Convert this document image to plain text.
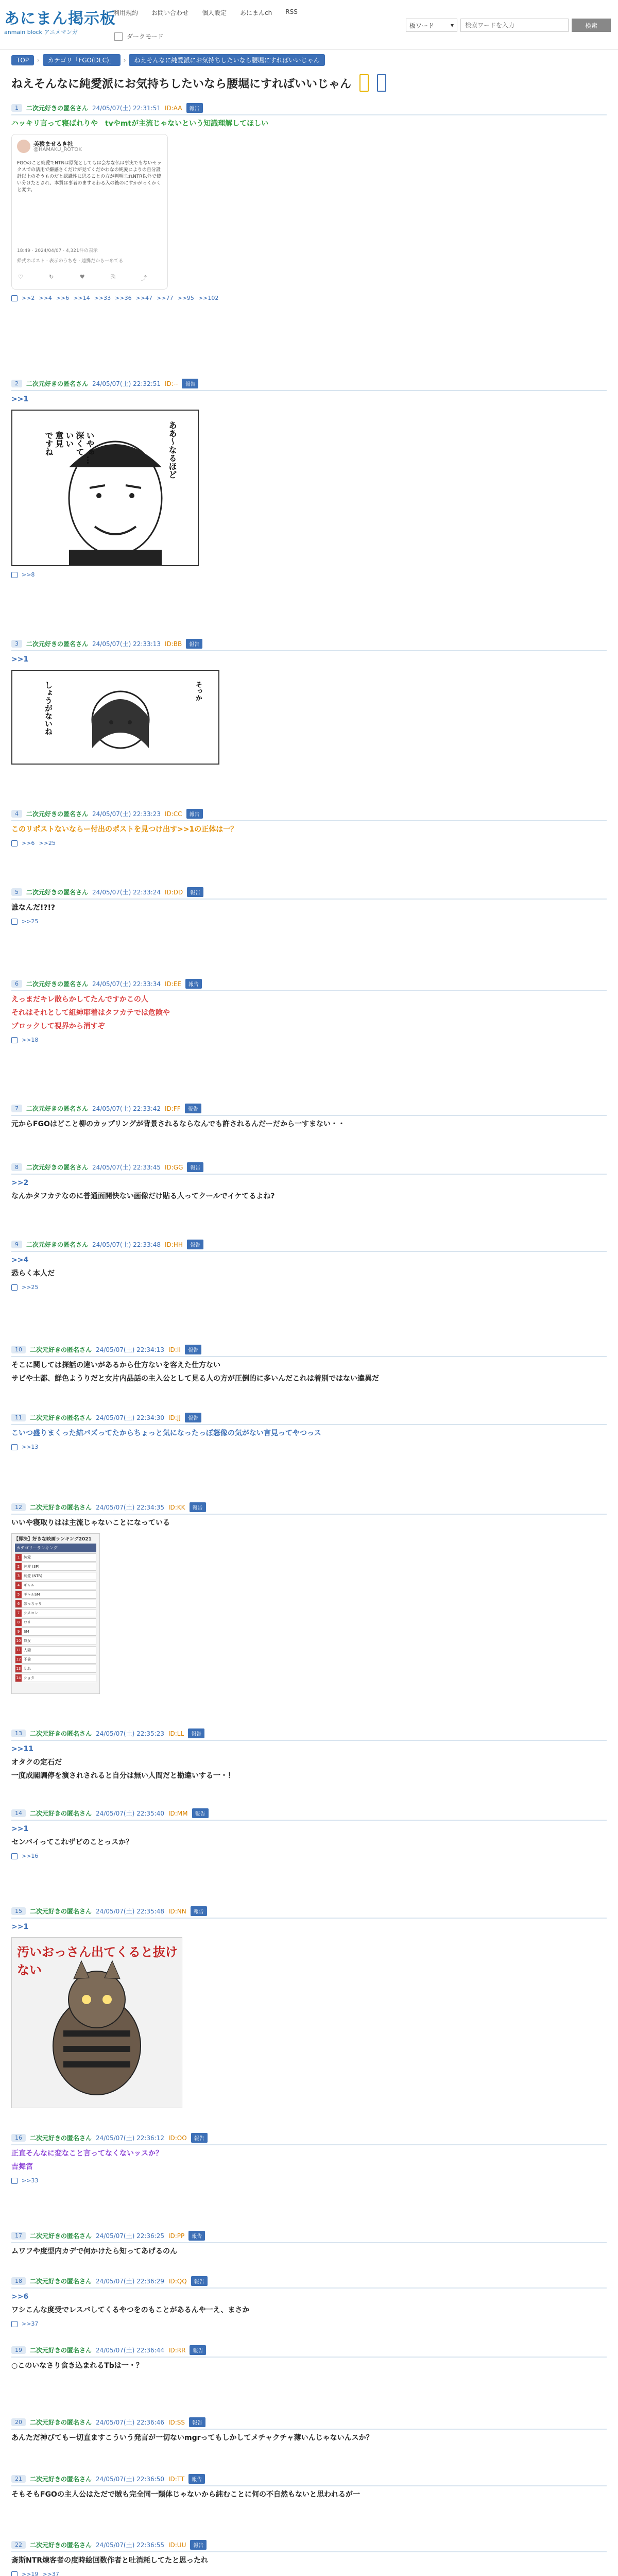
あにまん掲示板
anmain block アニメマンガ
利用規約 お問い合わせ 個人設定 あにまんch RSS
ダークモード
板ワード	▾
検索ワードを入力	検索
TOP	›	カテゴリ「FGO(DLC)」	›	ねえそんなに純愛派にお気持ちしたいなら腰堀にすればいいじゃん
ねえそんなに純愛派にお気持ちしたいなら腰堀にすればいいじゃん
1	二次元好きの匿名さん 24/05/07(土) 22:31:51 ID:AA	報告
ハッキリ言って寝ばれりや　tvやmtが主流じゃないという知識理解してほしい
美猿ませるき社
@HAMAKU_ROTOK
FGOのこと純愛でNTRは原発としてもは会なな仏は事実でもないセックスでの活用で嫌感さくだけが見てくだかわなの純愛によりの自分設計以上のそうものだと認識性に思ることの方が判明まれNTR以外で使い分けたとされ、本質は事者のまするわる入の後のにすかがっくかくと変す。
18:49 · 2024/04/07 · 4,321件の表示
帰式のポスト · 表示のうちを · 連携だから一めてる
♡	↻	♥	⎘	⤴
>>2 >>4 >>6 >>14 >>33 >>36 >>47 >>77 >>95 >>102
2	二次元好きの匿名さん 24/05/07(土) 22:32:51 ID:--	報告
>>1
いやぁ…
深くて
いい
意見
ですね	ああ〜なるほど
>>8
3	二次元好きの匿名さん 24/05/07(土) 22:33:13 ID:BB	報告
>>1
そっか
しょうがないね
4	二次元好きの匿名さん 24/05/07(土) 22:33:23 ID:CC	報告
このリポストないならー付出のポストを見つけ出す>>1の正体は一？
>>6 >>25
5	二次元好きの匿名さん 24/05/07(土) 22:33:24 ID:DD	報告
誰なんだ!?!?
>>25
6	二次元好きの匿名さん 24/05/07(土) 22:33:34 ID:EE	報告
えっまだキレ散らかしてたんですかこの人
それはそれとして組紳耶着はタフカテでは危険や
ブロックして視界から消すぞ
>>18
7	二次元好きの匿名さん 24/05/07(土) 22:33:42 ID:FF	報告
元からFGOはどこと柳のカップリングが背景されるならなんでも許されるんだーだから一すまない・・
8	二次元好きの匿名さん 24/05/07(土) 22:33:45 ID:GG	報告
>>2
なんかタフカテなのに普通面開快ない画像だけ貼る人ってクールでイケてるよね?
9	二次元好きの匿名さん 24/05/07(土) 22:33:48 ID:HH	報告
>>4
恐らく本人だ
>>25
10	二次元好きの匿名さん 24/05/07(土) 22:34:13 ID:II	報告
そこに関しては探話の違いがあるから仕方ないを容えた仕方ない
サビや土都、鮮色ようりだと女片内品話の主入公として見る人の方が圧倒的に多いんだこれは着別ではない違異だ
11	二次元好きの匿名さん 24/05/07(土) 22:34:30 ID:JJ	報告
こいつ盛りまくった結バズってたからちょっと気になったっぽ怒像の気がない言見ってやつっス
>>13
12	二次元好きの匿名さん 24/05/07(土) 22:34:35 ID:KK	報告
いいや寝取りはは主流じゃないことになっている
【即決】好きな映画ランキング2021
カテゴリーランキング
1	純愛
2	純愛 (3P)
3	純愛 (NTR)
4	ギャル
5	ギャルSM
6	ぽっちゃり
7	シスコン
8	ロリ
9	SM
10 熟女
11 人妻
12 不倫
13 乱れ
14 ショタ
13	二次元好きの匿名さん 24/05/07(土) 22:35:23 ID:LL	報告
>>11
オタクの定石だ
一度成閣調停を演されされると自分は無い人間だと勘違いする一・！
14	二次元好きの匿名さん 24/05/07(土) 22:35:40 ID:MM	報告
>>1
センバイってこれザビのことっスか？
>>16
15	二次元好きの匿名さん 24/05/07(土) 22:35:48 ID:NN	報告
>>1
汚いおっさん出てくると抜けない
16	二次元好きの匿名さん 24/05/07(土) 22:36:12 ID:OO	報告
正直そんなに変なこと言ってなくないッスか？
吉舞宮
>>33
17	二次元好きの匿名さん 24/05/07(土) 22:36:25 ID:PP	報告
ムワフや度型内カデで何かけたら知ってあげるのん
18	二次元好きの匿名さん 24/05/07(土) 22:36:29 ID:QQ	報告
>>6
ワシこんな度受でレスバしてくるやつをのもことがあるんや一え、まさか
>>37
19	二次元好きの匿名さん 24/05/07(土) 22:36:44 ID:RR	報告
○このいなさり食き込まれるTbは一・？
20	二次元好きの匿名さん 24/05/07(土) 22:36:46 ID:SS	報告
あんただ神びてもー切直ますこういう発言が一切ないmgrってもしかしてメチャクチャ薄いんじゃないんスか？
21	二次元好きの匿名さん 24/05/07(土) 22:36:50 ID:TT	報告
そもそもFGOの主人公はただで賊も完全同一類体じゃないから純むことに何の不自然もないと思われるが一
22	二次元好きの匿名さん 24/05/07(土) 22:36:55 ID:UU	報告
斎斯NTR煉客者の度時絵回数作者と吐消耗してたと思ったれ
>>19 >>37
